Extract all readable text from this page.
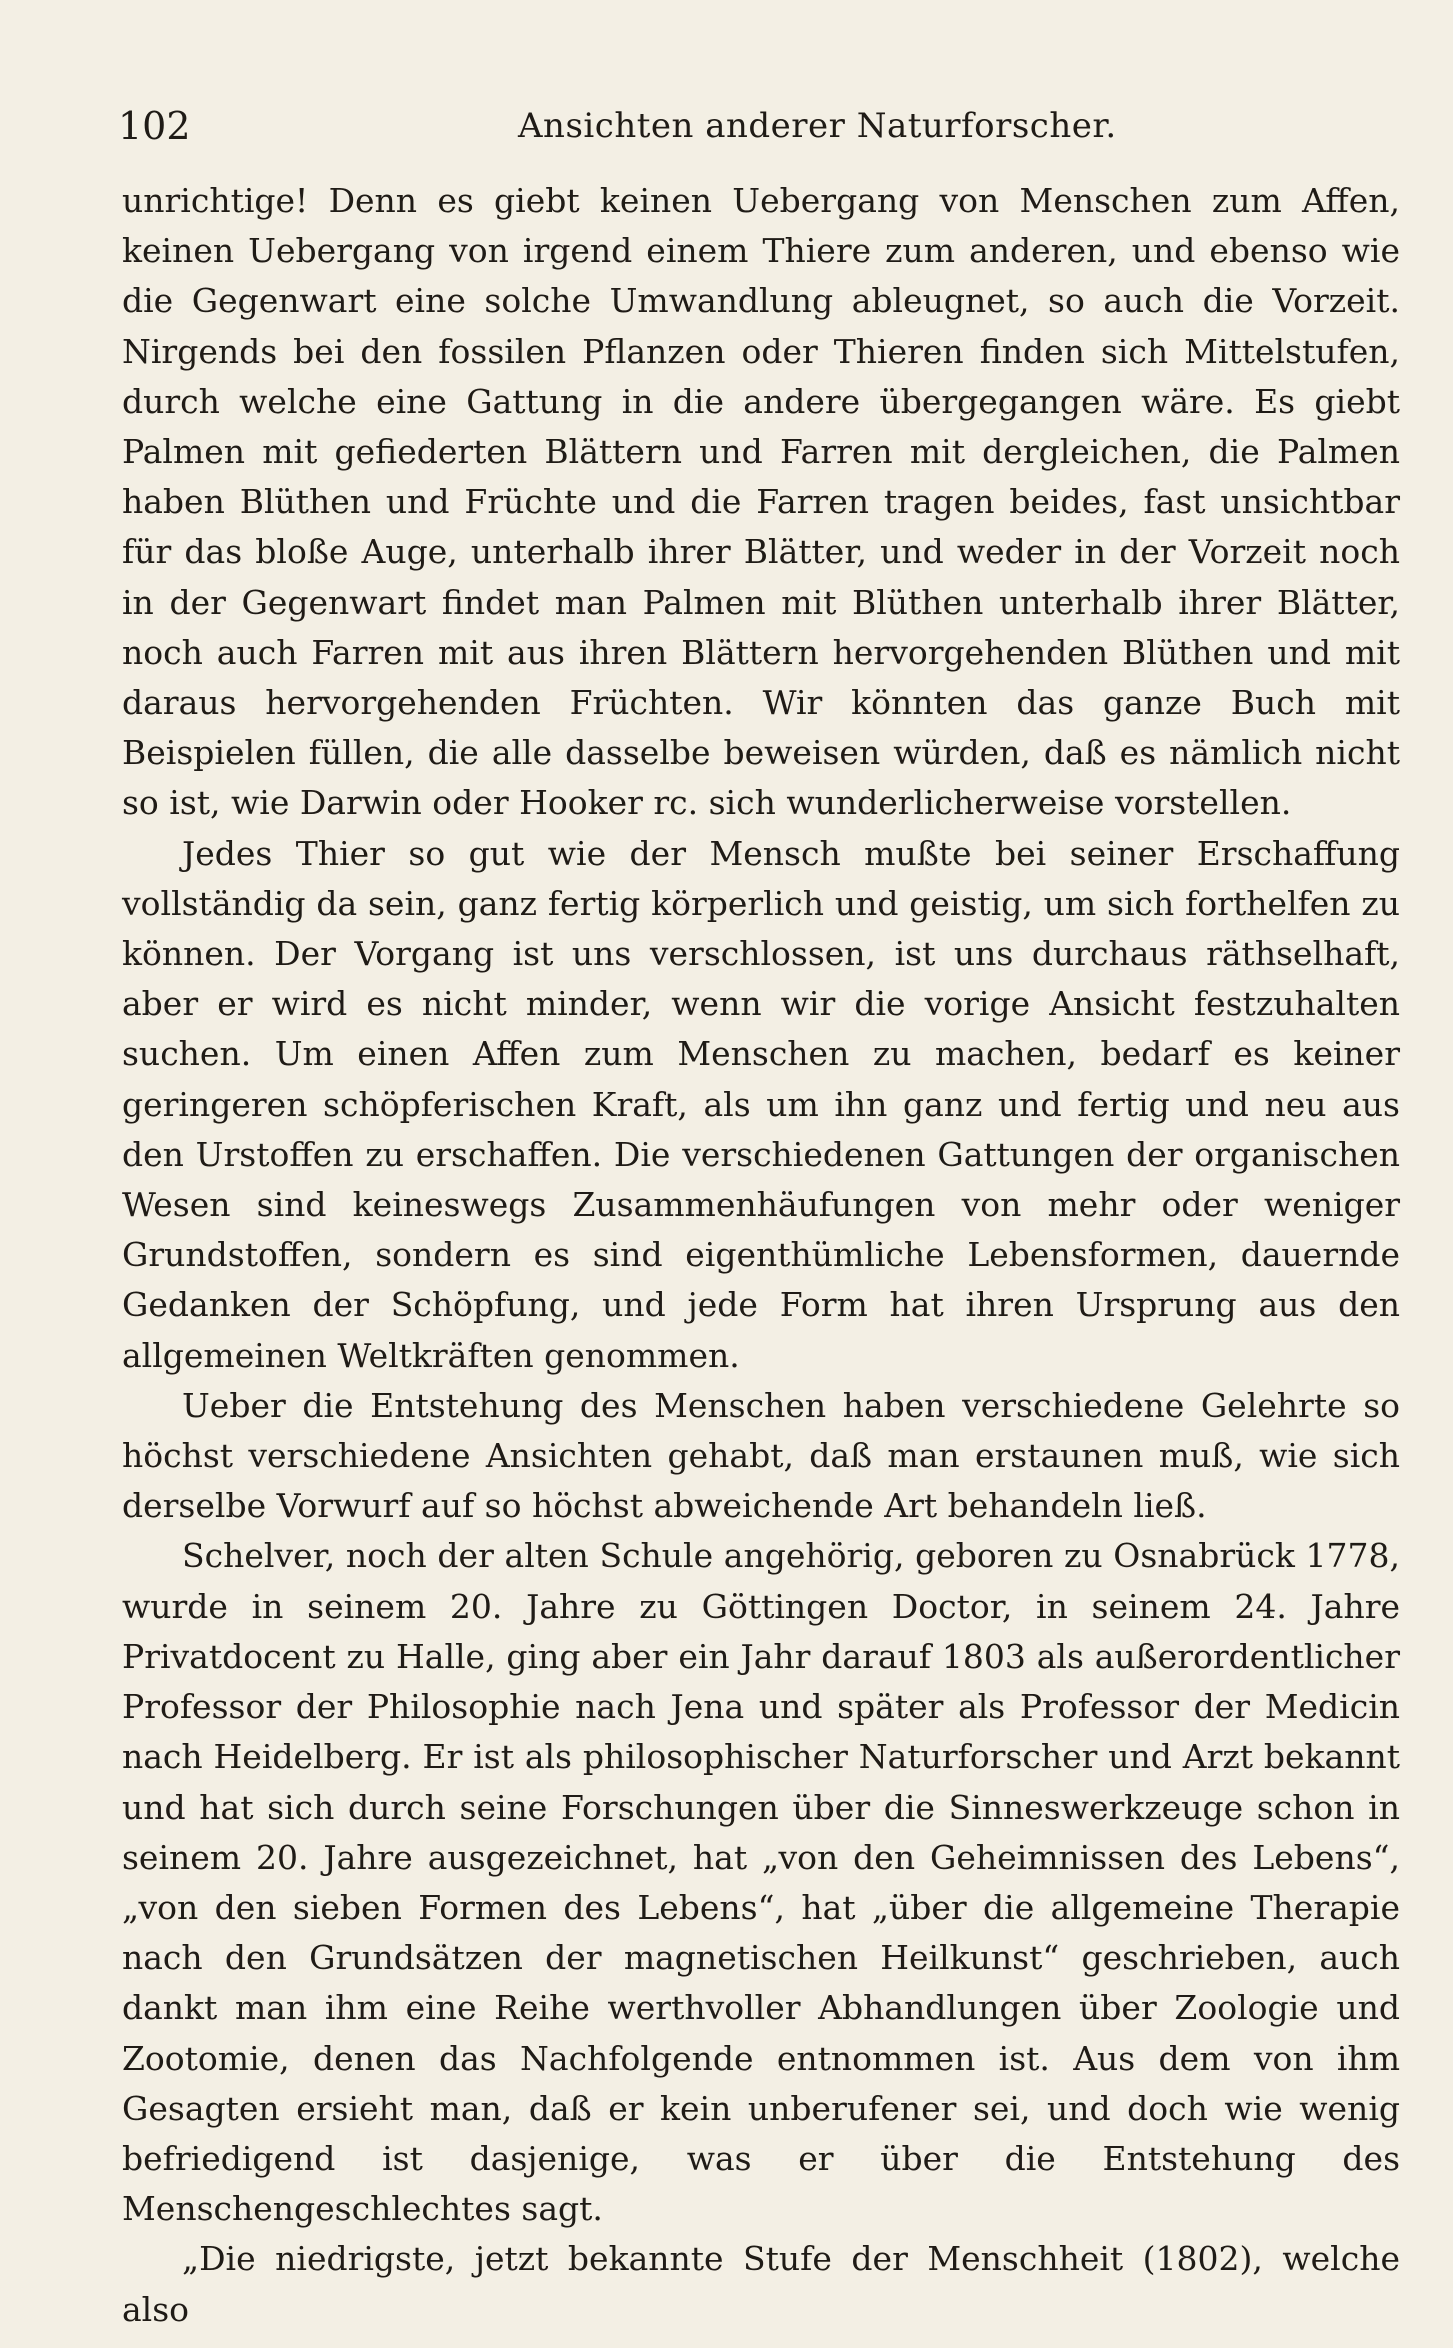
102	Ansichten anderer Naturforscher.

unrichtige! Denn es giebt keinen Uebergang von Menschen zum Affen, keinen Uebergang von irgend einem Thiere zum anderen, und ebenso wie die Gegenwart eine solche Umwandlung ableugnet, so auch die Vorzeit. Nirgends bei den fossilen Pflanzen oder Thieren finden sich Mittelstufen, durch welche eine Gattung in die andere übergegangen wäre. Es giebt Palmen mit gefiederten Blättern und Farren mit dergleichen, die Palmen haben Blüthen und Früchte und die Farren tragen beides, fast unsichtbar für das bloße Auge, unterhalb ihrer Blätter, und weder in der Vorzeit noch in der Gegenwart findet man Palmen mit Blüthen unterhalb ihrer Blätter, noch auch Farren mit aus ihren Blättern hervorgehenden Blüthen und mit daraus hervorgehenden Früchten. Wir könnten das ganze Buch mit Beispielen füllen, die alle dasselbe beweisen würden, daß es nämlich nicht so ist, wie Darwin oder Hooker rc. sich wunderlicherweise vorstellen.

Jedes Thier so gut wie der Mensch mußte bei seiner Erschaffung vollständig da sein, ganz fertig körperlich und geistig, um sich forthelfen zu können. Der Vorgang ist uns verschlossen, ist uns durchaus räthselhaft, aber er wird es nicht minder, wenn wir die vorige Ansicht festzuhalten suchen. Um einen Affen zum Menschen zu machen, bedarf es keiner geringeren schöpferischen Kraft, als um ihn ganz und fertig und neu aus den Urstoffen zu erschaffen. Die verschiedenen Gattungen der organischen Wesen sind keineswegs Zusammenhäufungen von mehr oder weniger Grundstoffen, sondern es sind eigenthümliche Lebensformen, dauernde Gedanken der Schöpfung, und jede Form hat ihren Ursprung aus den allgemeinen Weltkräften genommen.

Ueber die Entstehung des Menschen haben verschiedene Gelehrte so höchst verschiedene Ansichten gehabt, daß man erstaunen muß, wie sich derselbe Vorwurf auf so höchst abweichende Art behandeln ließ.

Schelver, noch der alten Schule angehörig, geboren zu Osnabrück 1778, wurde in seinem 20. Jahre zu Göttingen Doctor, in seinem 24. Jahre Privatdocent zu Halle, ging aber ein Jahr darauf 1803 als außerordentlicher Professor der Philosophie nach Jena und später als Professor der Medicin nach Heidelberg. Er ist als philosophischer Naturforscher und Arzt bekannt und hat sich durch seine Forschungen über die Sinneswerkzeuge schon in seinem 20. Jahre ausgezeichnet, hat „von den Geheimnissen des Lebens“, „von den sieben Formen des Lebens“, hat „über die allgemeine Therapie nach den Grundsätzen der magnetischen Heilkunst“ geschrieben, auch dankt man ihm eine Reihe werthvoller Abhandlungen über Zoologie und Zootomie, denen das Nachfolgende entnommen ist. Aus dem von ihm Gesagten ersieht man, daß er kein unberufener sei, und doch wie wenig befriedigend ist dasjenige, was er über die Entstehung des Menschengeschlechtes sagt.

„Die niedrigste, jetzt bekannte Stufe der Menschheit (1802), welche also
